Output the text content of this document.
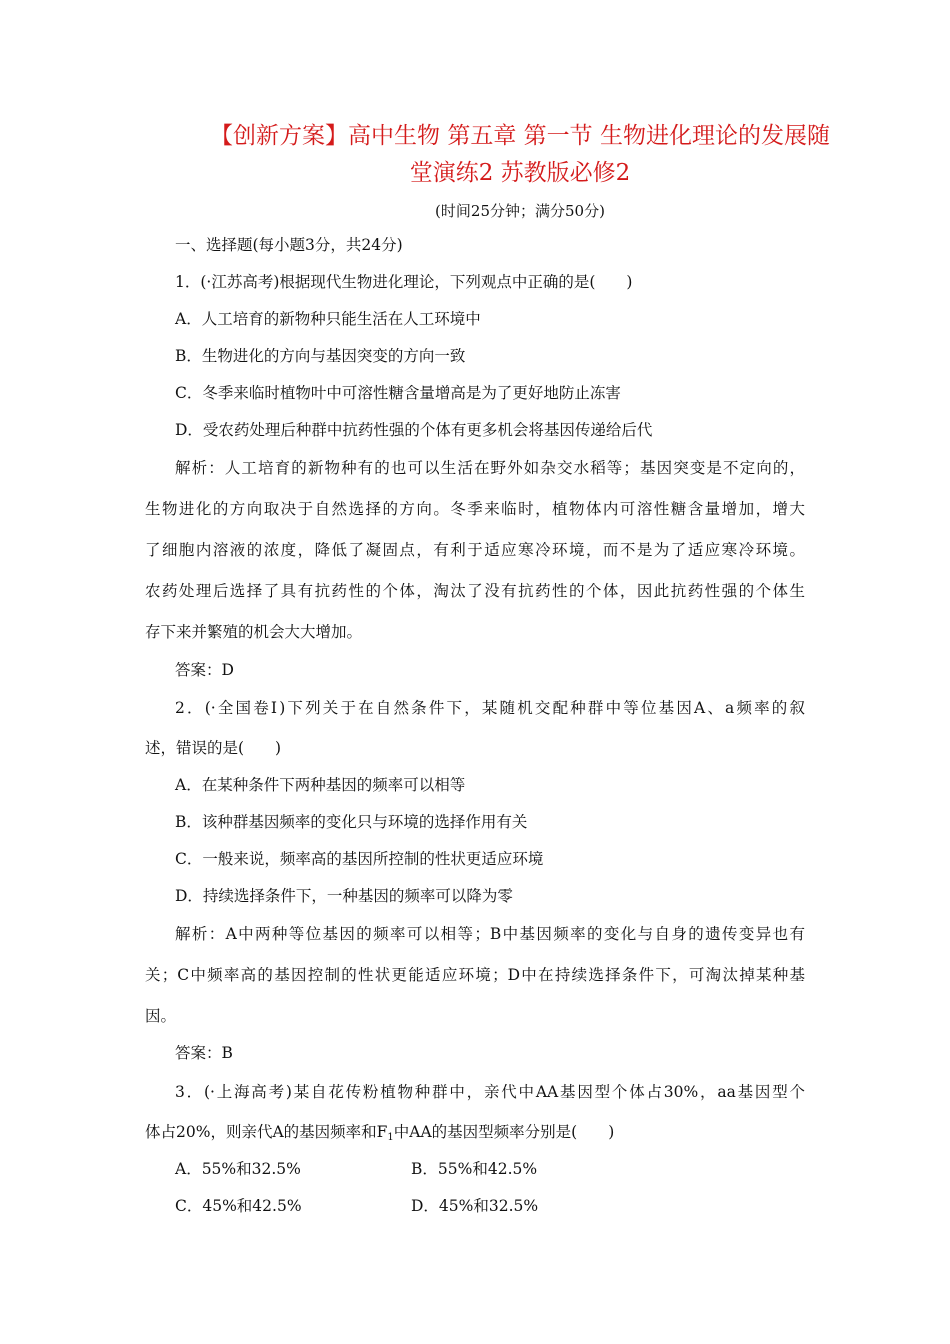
【创新方案】高中生物 第五章 第一节 生物进化理论的发展随
堂演练2 苏教版必修2
(时间25分钟；满分50分)
一、选择题(每小题3分，共24分)
1．(·江苏高考)根据现代生物进化理论，下列观点中正确的是(　　)
A．人工培育的新物种只能生活在人工环境中
B．生物进化的方向与基因突变的方向一致
C．冬季来临时植物叶中可溶性糖含量增高是为了更好地防止冻害
D．受农药处理后种群中抗药性强的个体有更多机会将基因传递给后代
解析：人工培育的新物种有的也可以生活在野外如杂交水稻等；基因突变是不定向的，
生物进化的方向取决于自然选择的方向。冬季来临时，植物体内可溶性糖含量增加，增大
了细胞内溶液的浓度，降低了凝固点，有利于适应寒冷环境，而不是为了适应寒冷环境。
农药处理后选择了具有抗药性的个体，淘汰了没有抗药性的个体，因此抗药性强的个体生
存下来并繁殖的机会大大增加。
答案：D
2．(·全国卷Ⅰ)下列关于在自然条件下，某随机交配种群中等位基因A、a频率的叙
述，错误的是(　　)
A．在某种条件下两种基因的频率可以相等
B．该种群基因频率的变化只与环境的选择作用有关
C．一般来说，频率高的基因所控制的性状更适应环境
D．持续选择条件下，一种基因的频率可以降为零
解析：A中两种等位基因的频率可以相等；B中基因频率的变化与自身的遗传变异也有
关；C中频率高的基因控制的性状更能适应环境；D中在持续选择条件下，可淘汰掉某种基
因。
答案：B
3．(·上海高考)某自花传粉植物种群中，亲代中AA基因型个体占30%，aa基因型个
体占20%，则亲代A的基因频率和$F_1$中AA的基因型频率分别是(　　)
A．55%和32.5%	B．55%和42.5%
C．45%和42.5%	D．45%和32.5%
